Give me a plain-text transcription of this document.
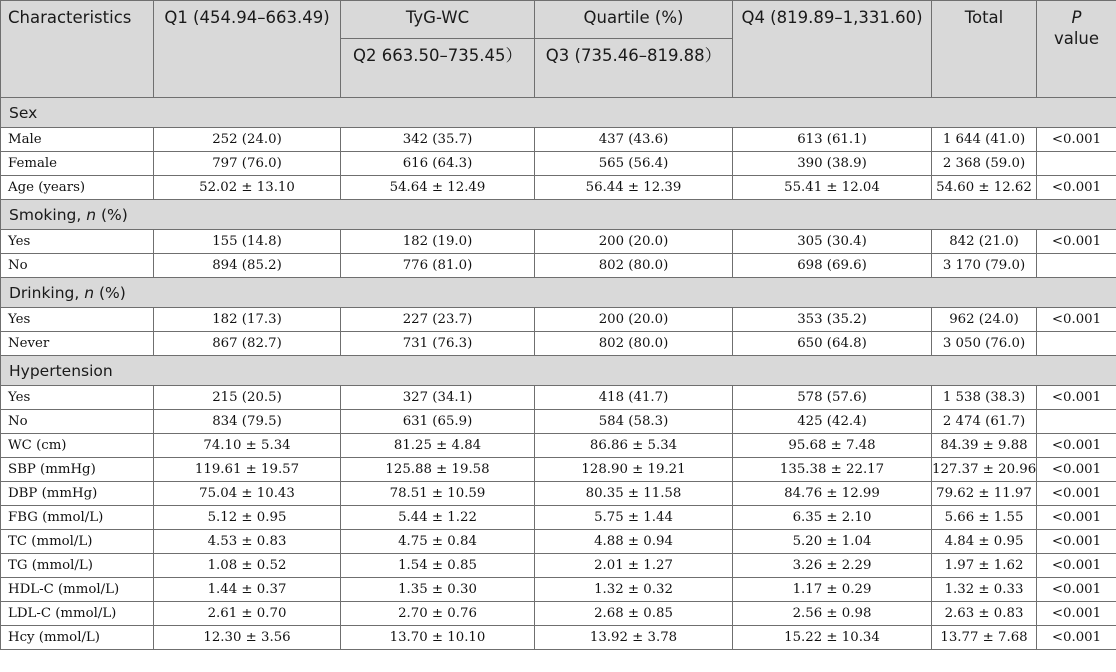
Characteristics	Q1 (454.94–663.49)	TyG-WC	Quartile (%)	Q4 (819.89–1,331.60)	Total	P
value
		Q2 663.50–735.45）	Q3 (735.46–819.88）			
Sex						
Male	252 (24.0)	342 (35.7)	437 (43.6)	613 (61.1)	1 644 (41.0)	<0.001
Female	797 (76.0)	616 (64.3)	565 (56.4)	390 (38.9)	2 368 (59.0)	
Age (years)	52.02 ± 13.10	54.64 ± 12.49	56.44 ± 12.39	55.41 ± 12.04	54.60 ± 12.62	<0.001
Smoking, n (%)						
Yes	155 (14.8)	182 (19.0)	200 (20.0)	305 (30.4)	842 (21.0)	<0.001
No	894 (85.2)	776 (81.0)	802 (80.0)	698 (69.6)	3 170 (79.0)	
Drinking, n (%)						
Yes	182 (17.3)	227 (23.7)	200 (20.0)	353 (35.2)	962 (24.0)	<0.001
Never	867 (82.7)	731 (76.3)	802 (80.0)	650 (64.8)	3 050 (76.0)	
Hypertension						
Yes	215 (20.5)	327 (34.1)	418 (41.7)	578 (57.6)	1 538 (38.3)	<0.001
No	834 (79.5)	631 (65.9)	584 (58.3)	425 (42.4)	2 474 (61.7)	
WC (cm)	74.10 ± 5.34	81.25 ± 4.84	86.86 ± 5.34	95.68 ± 7.48	84.39 ± 9.88	<0.001
SBP (mmHg)	119.61 ± 19.57	125.88 ± 19.58	128.90 ± 19.21	135.38 ± 22.17	127.37 ± 20.96	<0.001
DBP (mmHg)	75.04 ± 10.43	78.51 ± 10.59	80.35 ± 11.58	84.76 ± 12.99	79.62 ± 11.97	<0.001
FBG (mmol/L)	5.12 ± 0.95	5.44 ± 1.22	5.75 ± 1.44	6.35 ± 2.10	5.66 ± 1.55	<0.001
TC (mmol/L)	4.53 ± 0.83	4.75 ± 0.84	4.88 ± 0.94	5.20 ± 1.04	4.84 ± 0.95	<0.001
TG (mmol/L)	1.08 ± 0.52	1.54 ± 0.85	2.01 ± 1.27	3.26 ± 2.29	1.97 ± 1.62	<0.001
HDL-C (mmol/L)	1.44 ± 0.37	1.35 ± 0.30	1.32 ± 0.32	1.17 ± 0.29	1.32 ± 0.33	<0.001
LDL-C (mmol/L)	2.61 ± 0.70	2.70 ± 0.76	2.68 ± 0.85	2.56 ± 0.98	2.63 ± 0.83	<0.001
Hcy (mmol/L)	12.30 ± 3.56	13.70 ± 10.10	13.92 ± 3.78	15.22 ± 10.34	13.77 ± 7.68	<0.001
